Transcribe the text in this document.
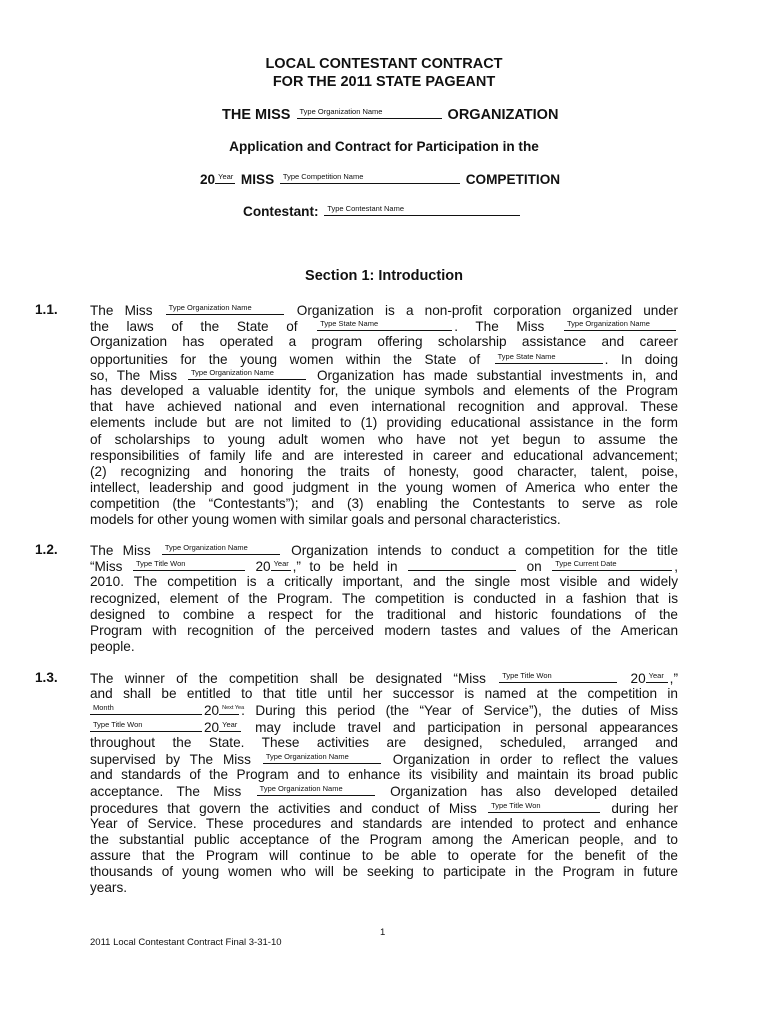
LOCAL CONTESTANT CONTRACT
FOR THE 2011 STATE PAGEANT
THE MISS Type Organization Name	ORGANIZATION
Application and Contract for Participation in the
20 Year MISS Type Competition Name	COMPETITION
Contestant: Type Contestant Name
Section 1: Introduction
1.1. The Miss Type Organization Name	Organization is a non-profit corporation organized under
the laws of the State of	Type State Name	. The Miss	Type Organization Name
Organization has operated a program offering scholarship assistance and career
opportunities for the young women within the State of Type State Name	. In doing
so, The Miss Type Organization Name	Organization has made substantial investments in, and
has developed a valuable identity for, the unique symbols and elements of the Program
that have achieved national and even international recognition and approval. These
elements include but are not limited to (1) providing educational assistance in the form
of scholarships to young adult women who have not yet begun to assume the
responsibilities of family life and are interested in career and educational advancement;
(2) recognizing and honoring the traits of honesty, good character, talent, poise,
intellect, leadership and good judgment in the young women of America who enter the
competition (the “Contestants”); and (3) enabling the Contestants to serve as role
models for other young women with similar goals and personal characteristics.
1.2. The Miss Type Organization Name	Organization intends to conduct a competition for the title
“Miss Type Title Won	20 Year ,” to be held in	on Type Current Date	,
2010. The competition is a critically important, and the single most visible and widely
recognized, element of the Program. The competition is conducted in a fashion that is
designed to combine a respect for the traditional and historic foundations of the
Program with recognition of the perceived modern tastes and values of the American
people.
1.3. The winner of the competition shall be designated “Miss Type Title Won	20 Year ,”
and shall be entitled to that title until her successor is named at the competition in
Month	20 Next Yea
. During this period (the “Year of Service”), the duties of Miss
Type Title Won	20 Year may include travel and participation in personal appearances
throughout the State. These activities are designed, scheduled, arranged and
supervised by The Miss Type Organization Name	Organization in order to reflect the values
and standards of the Program and to enhance its visibility and maintain its broad public
acceptance. The Miss Type Organization Name	Organization has also developed detailed
procedures that govern the activities and conduct of Miss Type Title Won	during her
Year of Service. These procedures and standards are intended to protect and enhance
the substantial public acceptance of the Program among the American people, and to
assure that the Program will continue to be able to operate for the benefit of the
thousands of young women who will be seeking to participate in the Program in future
years.
1
2011 Local Contestant Contract Final 3-31-10
